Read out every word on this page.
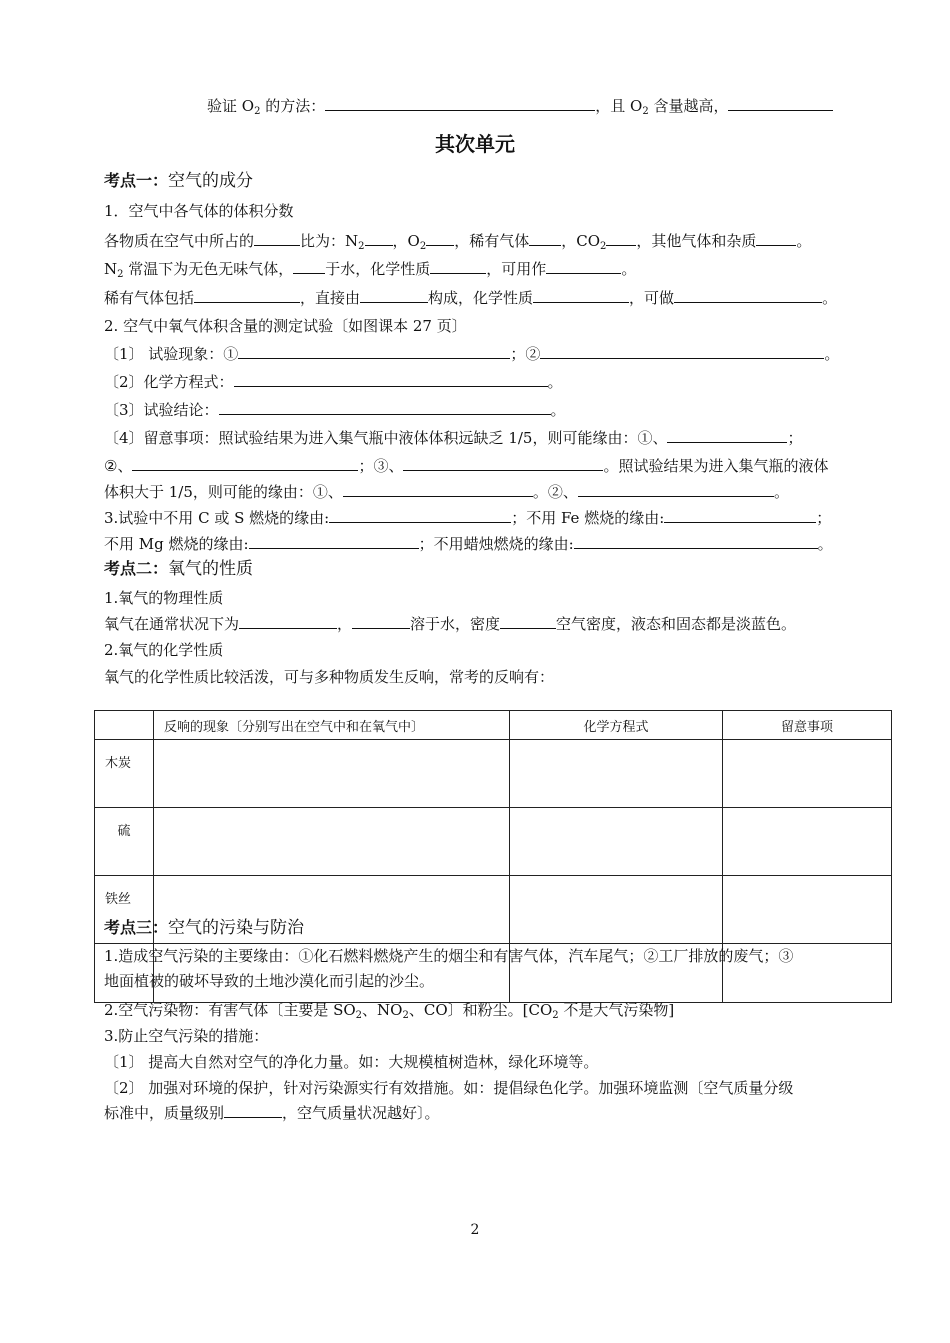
验证 $O_2$ 的方法：	，且 $O_2$ 含量越高，
其次单元
考点一：空气的成分
1．空气中各气体的体积分数
各物质在空气中所占的	比为：$N_2$ ，$O_2$ ，稀有气体 ，$CO_2$ ，其他气体和杂质	。
$N_2$ 常温下为无色无味气体， 于水，化学性质	，可用作	。
稀有气体包括	，直接由	构成，化学性质	，可做	。
2. 空气中氧气体积含量的测定试验〔如图课本 27 页〕
〔1〕 试验现象：①	；②	。
〔2〕化学方程式：	。
〔3〕试验结论：	。
〔4〕留意事项：照试验结果为进入集气瓶中液体体积远缺乏 1/5，则可能缘由：①、	；
②、	；③、	。照试验结果为进入集气瓶的液体
体积大于 1/5，则可能的缘由：①、	。②、	。
3.试验中不用 C 或 S 燃烧的缘由:	；不用 Fe 燃烧的缘由:	；
不用 Mg 燃烧的缘由:	；不用蜡烛燃烧的缘由:	。
考点二：氧气的性质
1.氧气的物理性质
氧气在通常状况下为	，	溶于水，密度	空气密度，液态和固态都是淡蓝色。
2.氧气的化学性质
氧气的化学性质比较活泼，可与多种物质发生反响，常考的反响有：
	反响的现象〔分别写出在空气中和在氧气中〕	化学方程式	留意事项
木炭			
硫			
铁丝			

考点三：空气的污染与防治
1.造成空气污染的主要缘由：①化石燃料燃烧产生的烟尘和有害气体，汽车尾气；②工厂排放的废气；③
地面植被的破坏导致的土地沙漠化而引起的沙尘。
2.空气污染物：有害气体〔主要是 $SO_2$、$NO_2$、CO〕和粉尘。[$CO_2$ 不是大气污染物]
3.防止空气污染的措施：
〔1〕 提高大自然对空气的净化力量。如：大规模植树造林，绿化环境等。
〔2〕 加强对环境的保护，针对污染源实行有效措施。如：提倡绿色化学。加强环境监测〔空气质量分级
标准中，质量级别	，空气质量状况越好〕。
2
